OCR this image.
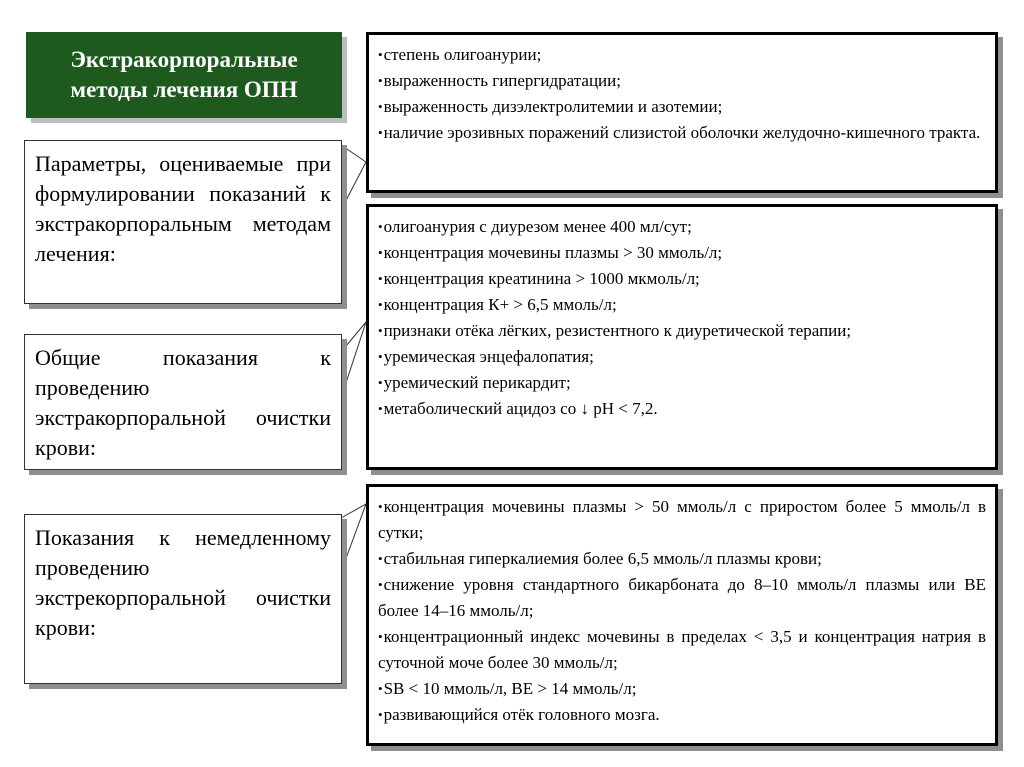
Экстракорпоральные методы лечения ОПН
Параметры, оцениваемые при формулировании показаний к экстракорпоральным методам лечения:
•степень олигоанурии;
•выраженность гипергидратации;
•выраженность дизэлектролитемии и азотемии;
•наличие эрозивных поражений слизистой оболочки желудочно-кишечного тракта.
Общие показания к проведению экстракорпоральной очистки крови:
•олигоанурия с диурезом менее 400 мл/сут;
•концентрация мочевины плазмы > 30 ммоль/л;
•концентрация креатинина > 1000 мкмоль/л;
•концентрация К+ > 6,5 ммоль/л;
•признаки отёка лёгких, резистентного к диуретической терапии;
•уремическая энцефалопатия;
•уремический перикардит;
•метаболический ацидоз со ↓ рН < 7,2.
Показания к немедленному проведению экстрекорпоральной очистки крови:
•концентрация мочевины плазмы > 50 ммоль/л с приростом более 5 ммоль/л в сутки;
•стабильная гиперкалиемия более 6,5 ммоль/л плазмы крови;
•снижение уровня стандартного бикарбоната до 8–10 ммоль/л плазмы или BE более 14–16 ммоль/л;
•концентрационный индекс мочевины в пределах < 3,5 и концентрация натрия в суточной моче более 30 ммоль/л;
•SB < 10 ммоль/л, BE > 14 ммоль/л;
•развивающийся отёк головного мозга.
